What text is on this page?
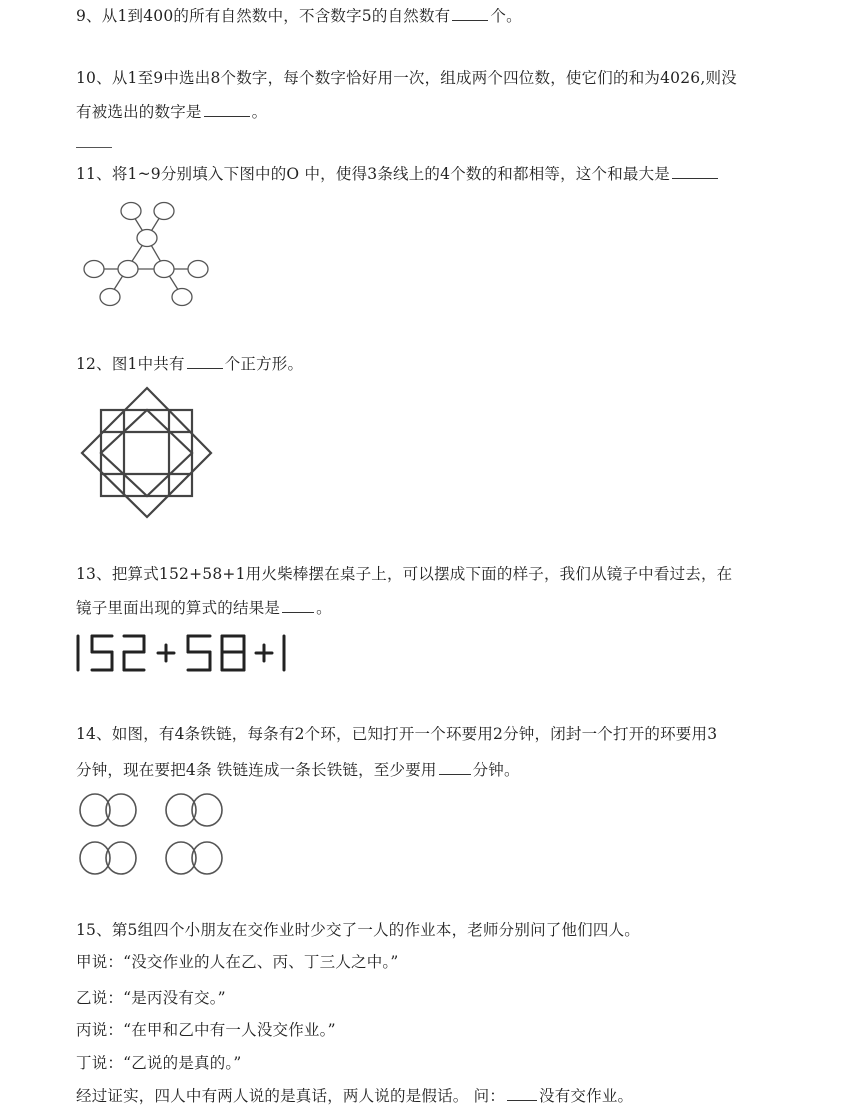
9、从1到400的所有自然数中，不含数字5的自然数有	个。
10、从1至9中选出8个数字，每个数字恰好用一次，组成两个四位数，使它们的和为4026,则没
有被选出的数字是	。
11、将1~9分别填入下图中的O 中，使得3条线上的4个数的和都相等，这个和最大是
12、图1中共有	个正方形。
13、把算式152+58+1用火柴棒摆在桌子上，可以摆成下面的样子，我们从镜子中看过去，在
镜子里面出现的算式的结果是 。
14、如图，有4条铁链，每条有2个环，已知打开一个环要用2分钟，闭封一个打开的环要用3
分钟，现在要把4条 铁链连成一条长铁链，至少要用 分钟。
15、第5组四个小朋友在交作业时少交了一人的作业本，老师分别问了他们四人。
甲说：“没交作业的人在乙、丙、丁三人之中。”
乙说：“是丙没有交。”
丙说：“在甲和乙中有一人没交作业。”
丁说：“乙说的是真的。”
经过证实，四人中有两人说的是真话，两人说的是假话。 问： 没有交作业。
